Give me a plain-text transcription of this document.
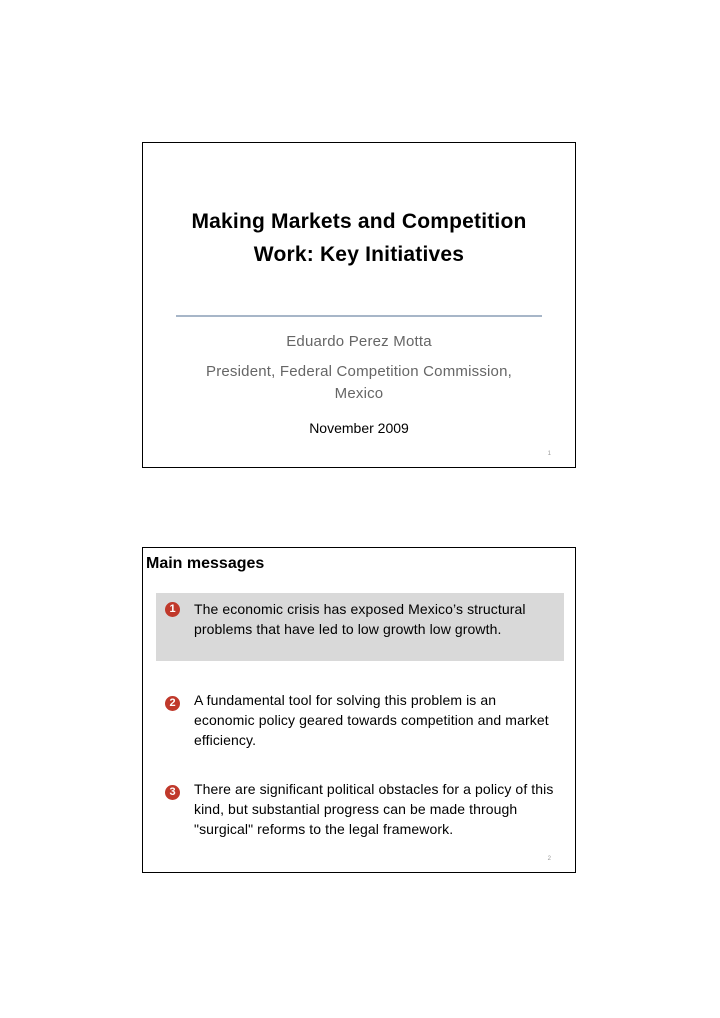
Making Markets and Competition Work: Key Initiatives
Eduardo Perez Motta
President, Federal Competition Commission, Mexico
November 2009
1
Main messages
1	The economic crisis has exposed Mexico’s structural problems that have led to low growth low growth.
2	A fundamental tool for solving this problem is an economic policy geared towards competition and market efficiency.
3	There are significant political obstacles for a policy of this kind, but substantial progress can be made through "surgical" reforms to the legal framework.
2
